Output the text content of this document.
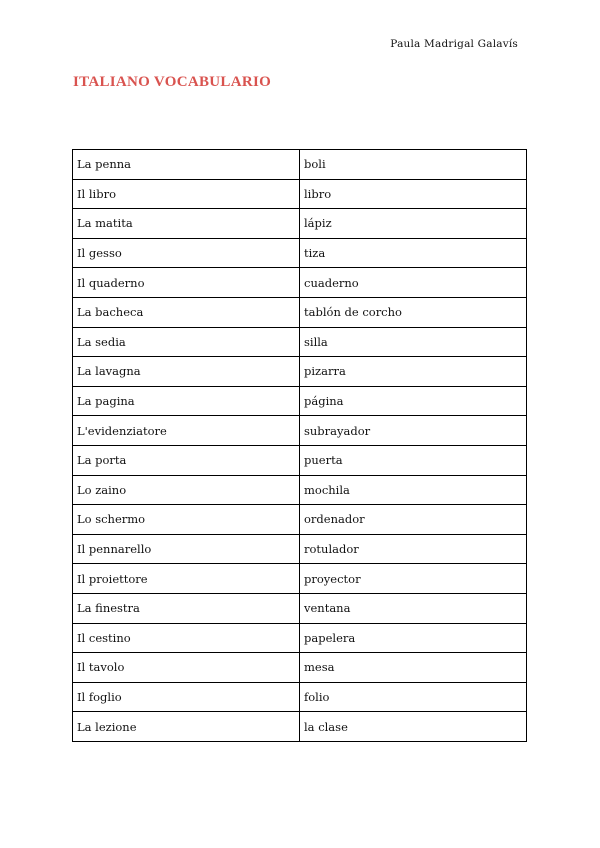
Paula Madrigal Galavís
ITALIANO VOCABULARIO
La penna	boli
Il libro	libro
La matita	lápiz
Il gesso	tiza
Il quaderno	cuaderno
La bacheca	tablón de corcho
La sedia	silla
La lavagna	pizarra
La pagina	página
L'evidenziatore	subrayador
La porta	puerta
Lo zaino	mochila
Lo schermo	ordenador
Il pennarello	rotulador
Il proiettore	proyector
La finestra	ventana
Il cestino	papelera
Il tavolo	mesa
Il foglio	folio
La lezione	la clase
